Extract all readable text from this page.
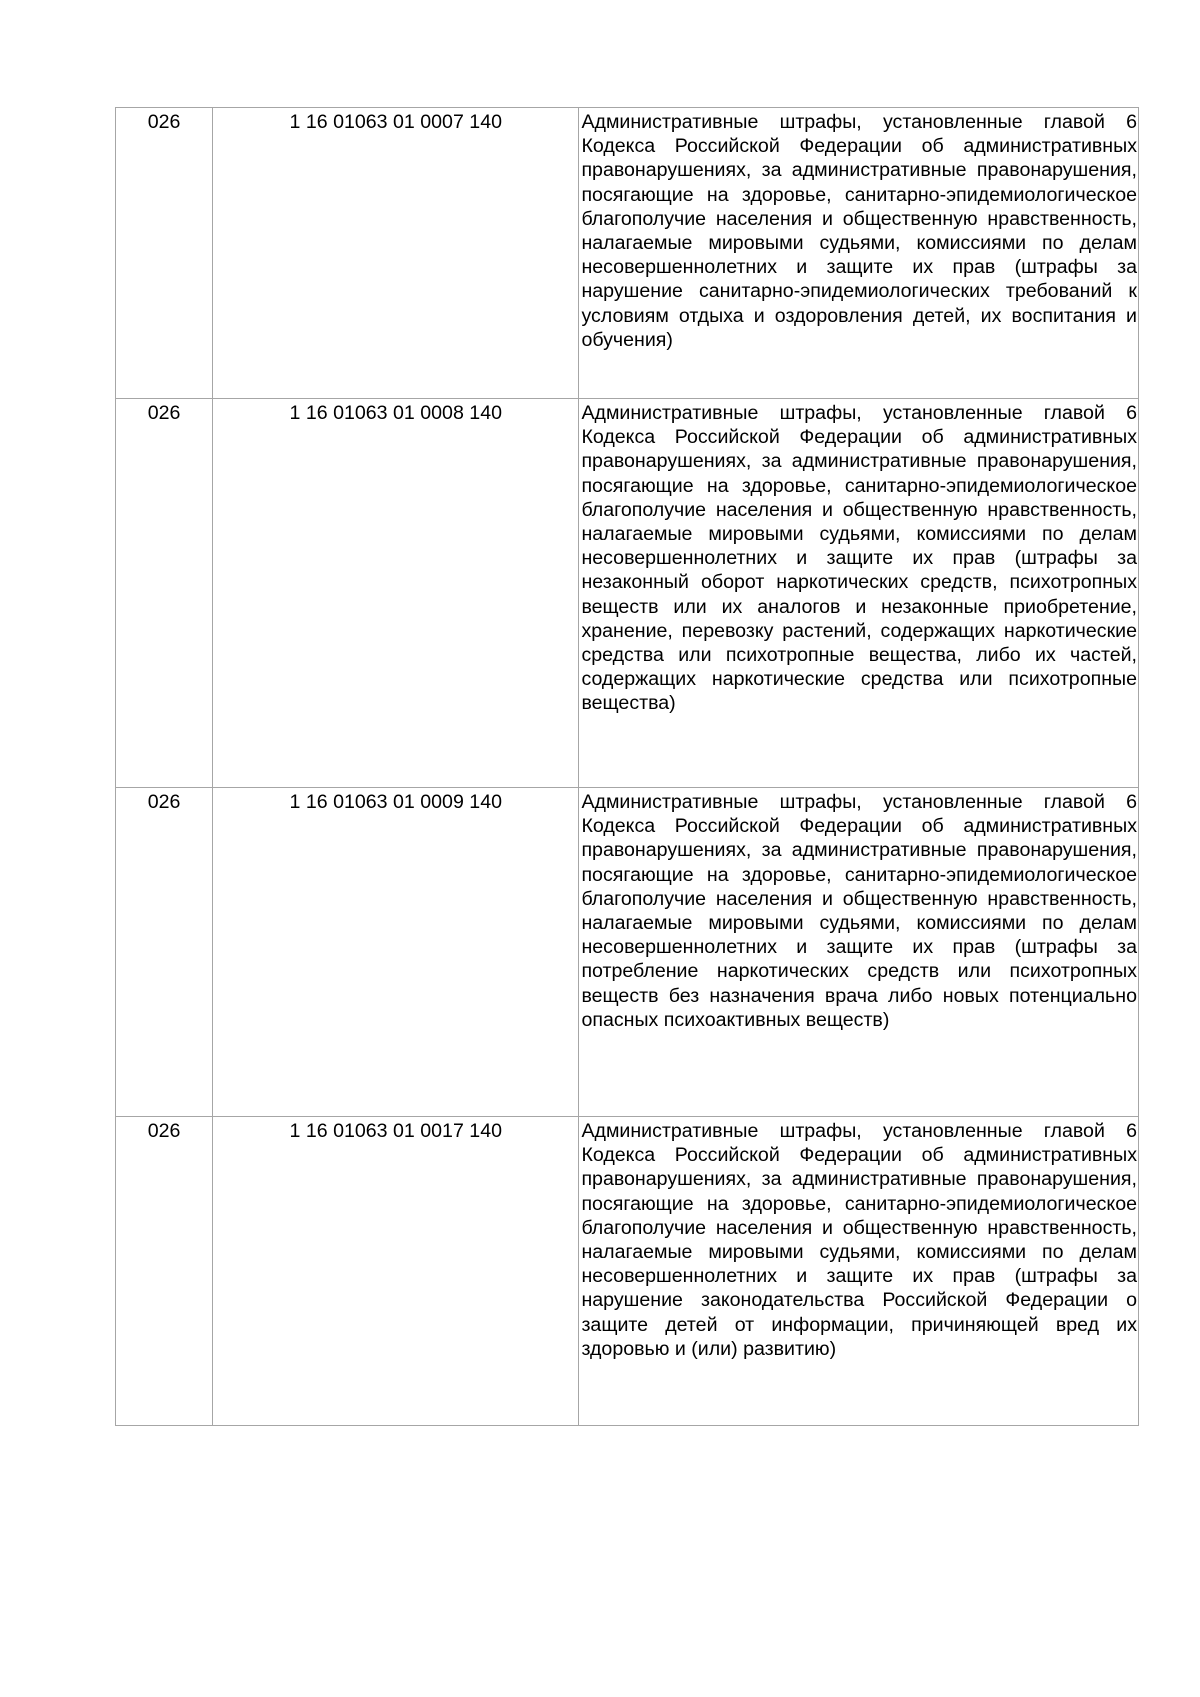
026	1 16 01063 01 0007 140	Административные штрафы, установленные главой 6 Кодекса Российской Федерации об административных правонарушениях, за административные правонарушения, посягающие на здоровье, санитарно-эпидемиологическое благополучие населения и общественную нравственность, налагаемые мировыми судьями, комиссиями по делам несовершеннолетних и защите их прав (штрафы за нарушение санитарно-эпидемиологических требований к условиям отдыха и оздоровления детей, их воспитания и обучения)
026	1 16 01063 01 0008 140	Административные штрафы, установленные главой 6 Кодекса Российской Федерации об административных правонарушениях, за административные правонарушения, посягающие на здоровье, санитарно-эпидемиологическое благополучие населения и общественную нравственность, налагаемые мировыми судьями, комиссиями по делам несовершеннолетних и защите их прав (штрафы за незаконный оборот наркотических средств, психотропных веществ или их аналогов и незаконные приобретение, хранение, перевозку растений, содержащих наркотические средства или психотропные вещества, либо их частей, содержащих наркотические средства или психотропные вещества)
026	1 16 01063 01 0009 140	Административные штрафы, установленные главой 6 Кодекса Российской Федерации об административных правонарушениях, за административные правонарушения, посягающие на здоровье, санитарно-эпидемиологическое благополучие населения и общественную нравственность, налагаемые мировыми судьями, комиссиями по делам несовершеннолетних и защите их прав (штрафы за потребление наркотических средств или психотропных веществ без назначения врача либо новых потенциально опасных психоактивных веществ)
026	1 16 01063 01 0017 140	Административные штрафы, установленные главой 6 Кодекса Российской Федерации об административных правонарушениях, за административные правонарушения, посягающие на здоровье, санитарно-эпидемиологическое благополучие населения и общественную нравственность, налагаемые мировыми судьями, комиссиями по делам несовершеннолетних и защите их прав (штрафы за нарушение законодательства Российской Федерации о защите детей от информации, причиняющей вред их здоровью и (или) развитию)
